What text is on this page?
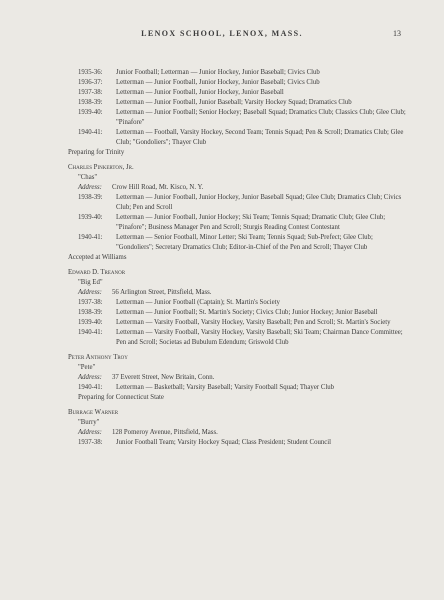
LENOX SCHOOL, LENOX, MASS.	13
1935-36:	Junior Football; Letterman — Junior Hockey, Junior Baseball; Civics Club
1936-37:	Letterman — Junior Football, Junior Hockey, Junior Baseball; Civics Club
1937-38:	Letterman — Junior Football, Junior Hockey, Junior Baseball
1938-39:	Letterman — Junior Football, Junior Baseball; Varsity Hockey Squad; Dramatics Club
1939-40:	Letterman — Junior Football; Senior Hockey; Baseball Squad; Dramatics Club; Classics Club; Glee Club; "Pinafore"
1940-41:	Letterman — Football, Varsity Hockey, Second Team; Tennis Squad; Pen & Scroll; Dramatics Club; Glee Club; "Gondoliers"; Thayer Club
Preparing for Trinity
Charles Pinkerton, Jr.
"Chas"
Address:	Crow Hill Road, Mt. Kisco, N. Y.
1938-39:	Letterman — Junior Football, Junior Hockey, Junior Baseball Squad; Glee Club; Dramatics Club; Civics Club; Pen and Scroll
1939-40:	Letterman — Junior Football, Junior Hockey; Ski Team; Tennis Squad; Dramatic Club; Glee Club; "Pinafore"; Business Manager Pen and Scroll; Sturgis Reading Contest Contestant
1940-41:	Letterman — Senior Football, Minor Letter; Ski Team; Tennis Squad; Sub-Prefect; Glee Club; "Gondoliers"; Secretary Dramatics Club; Editor-in-Chief of the Pen and Scroll; Thayer Club
Accepted at Williams
Edward D. Treanor
"Big Ed"
Address:	56 Arlington Street, Pittsfield, Mass.
1937-38:	Letterman — Junior Football (Captain); St. Martin's Society
1938-39:	Letterman — Junior Football; St. Martin's Society; Civics Club; Junior Hockey; Junior Baseball
1939-40:	Letterman — Varsity Football, Varsity Hockey, Varsity Baseball; Pen and Scroll; St. Martin's Society
1940-41:	Letterman — Varsity Football, Varsity Hockey, Varsity Baseball; Ski Team; Chairman Dance Committee; Pen and Scroll; Societas ad Bubulum Edendum; Griswold Club
Peter Anthony Troy
"Pete"
Address:	37 Everett Street, New Britain, Conn.
1940-41:	Letterman — Basketball; Varsity Baseball; Varsity Football Squad; Thayer Club
Preparing for Connecticut State
Burrage Warner
"Burry"
Address:	128 Pomeroy Avenue, Pittsfield, Mass.
1937-38:	Junior Football Team; Varsity Hockey Squad; Class President; Student Council
